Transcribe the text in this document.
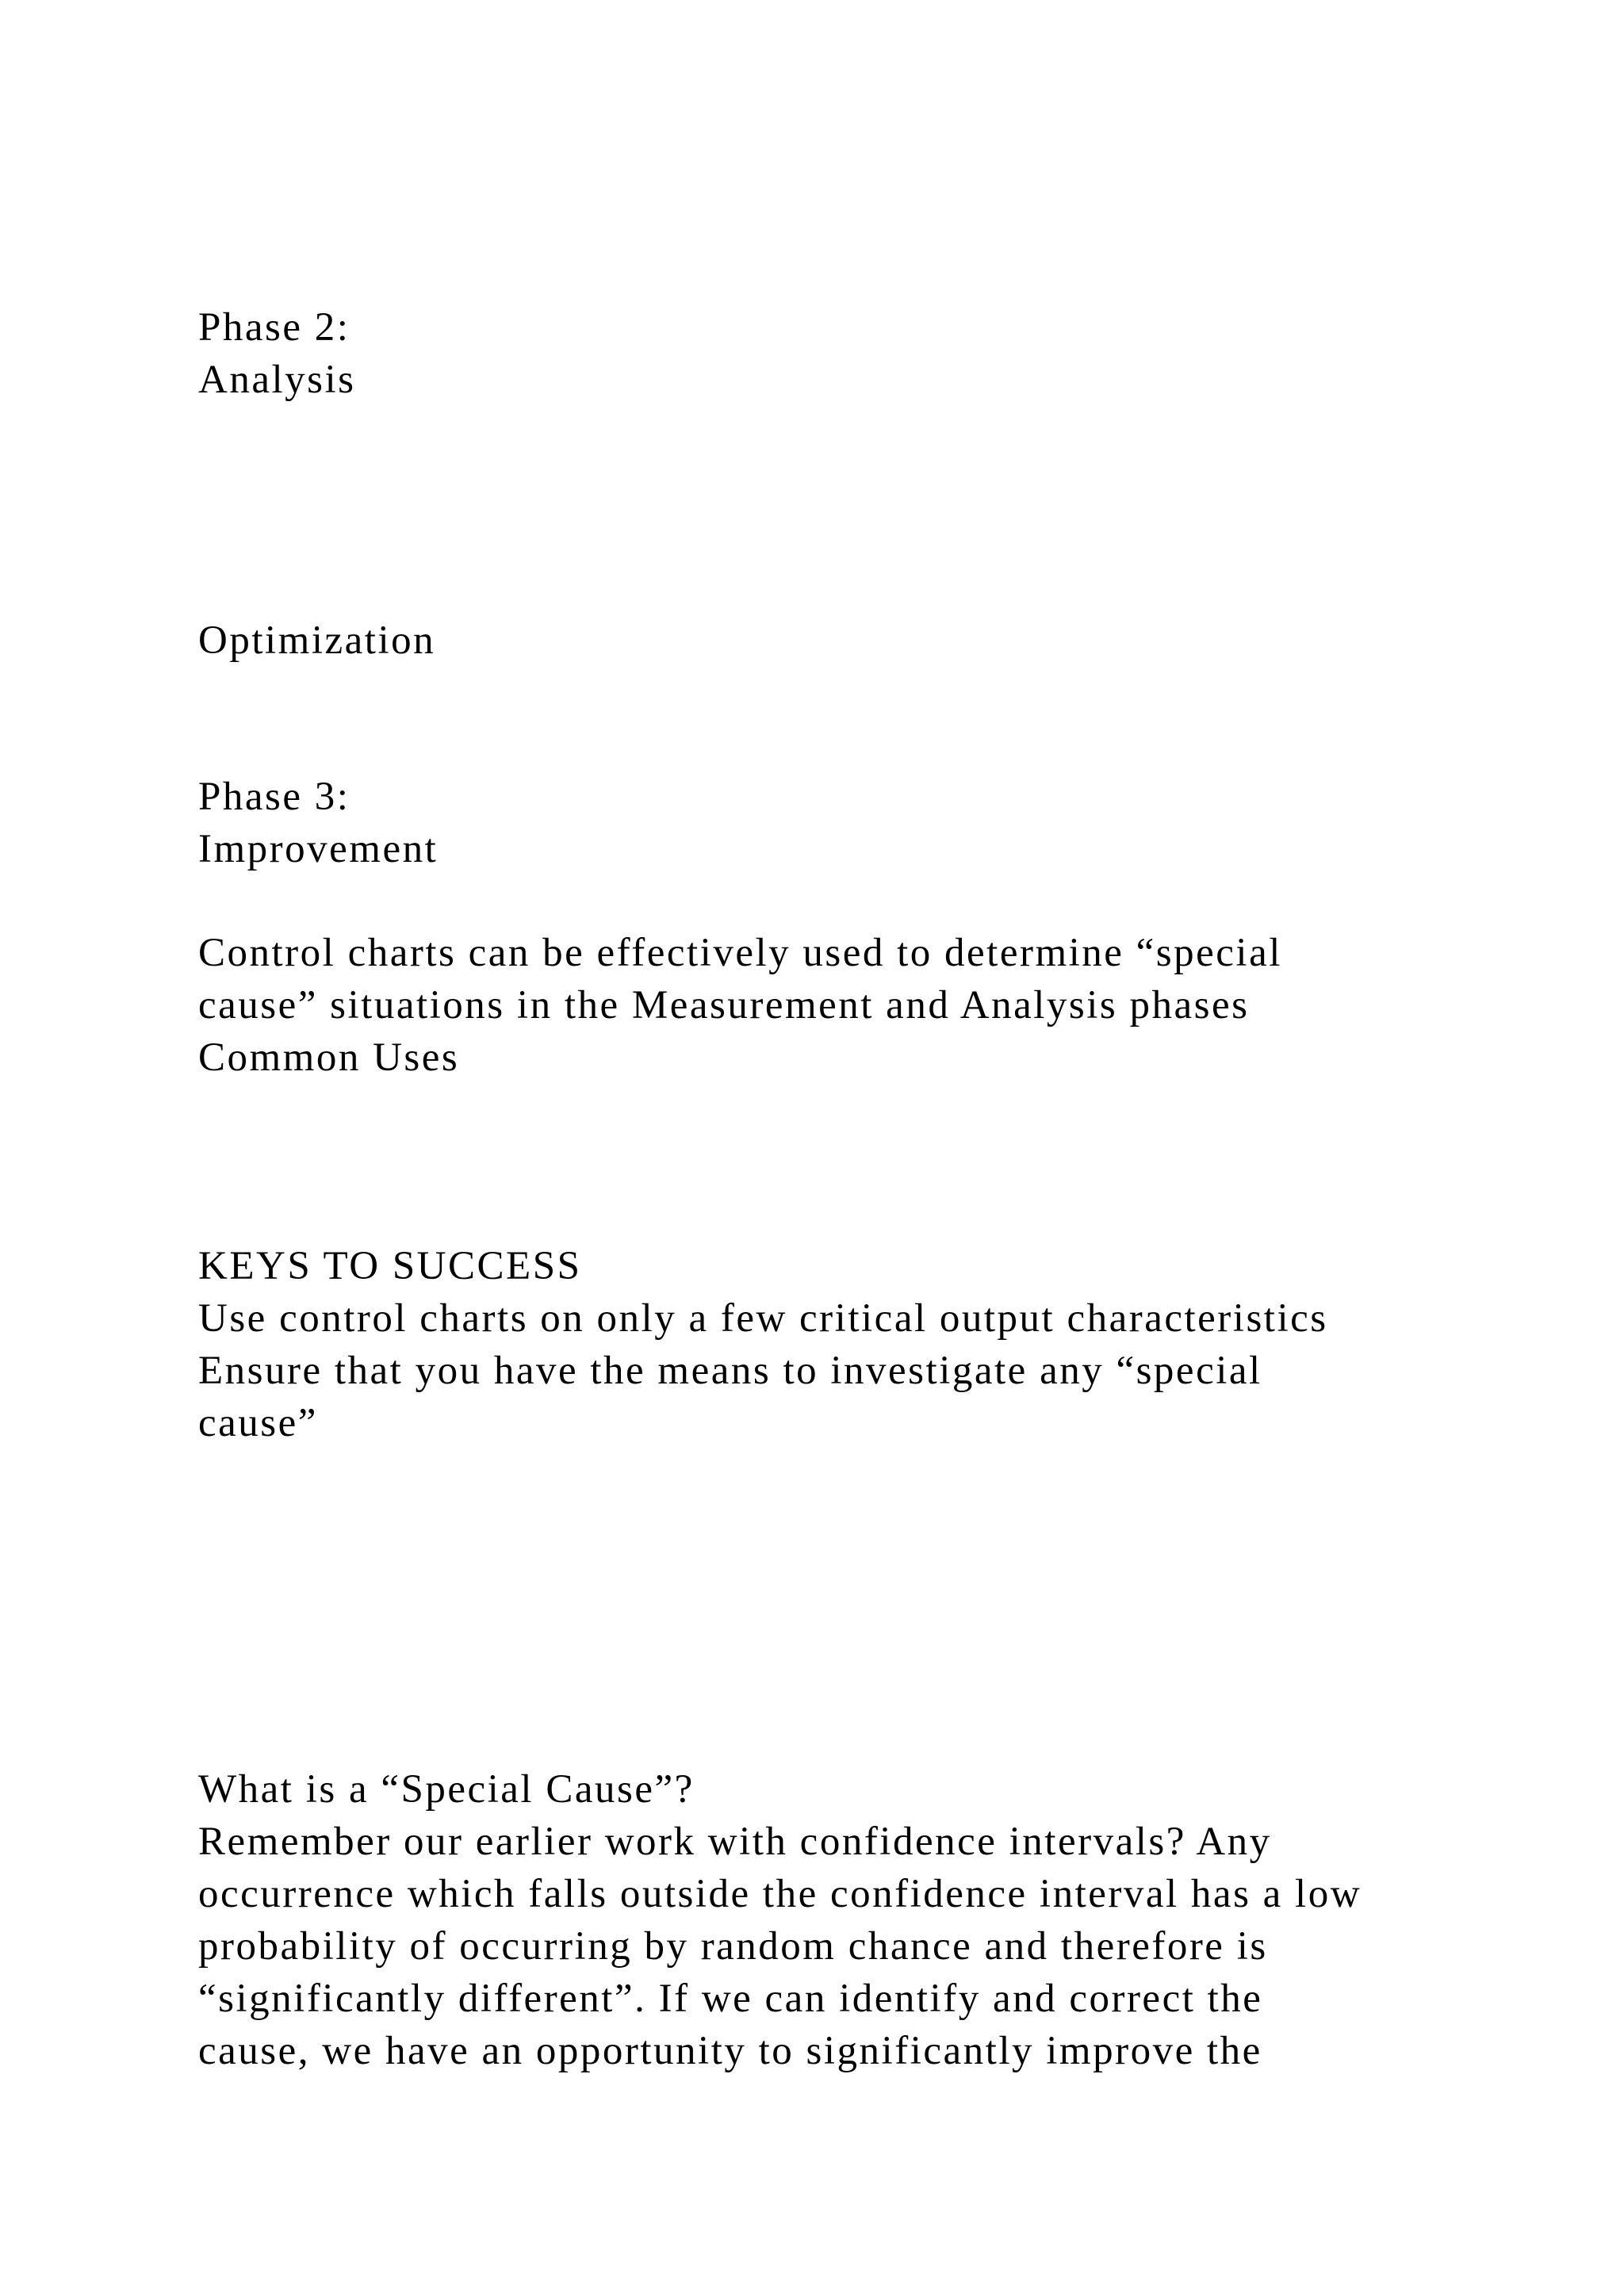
Phase 2:

Analysis

Optimization

Phase 3:

Improvement

Control charts can be effectively used to determine “special

cause” situations in the Measurement and Analysis phases

Common Uses

KEYS TO SUCCESS

Use control charts on only a few critical output characteristics

Ensure that you have the means to investigate any “special

cause”

What is a “Special Cause”?

Remember our earlier work with confidence intervals? Any

occurrence which falls outside the confidence interval has a low

probability of occurring by random chance and therefore is

“significantly different”. If we can identify and correct the

cause, we have an opportunity to significantly improve the
